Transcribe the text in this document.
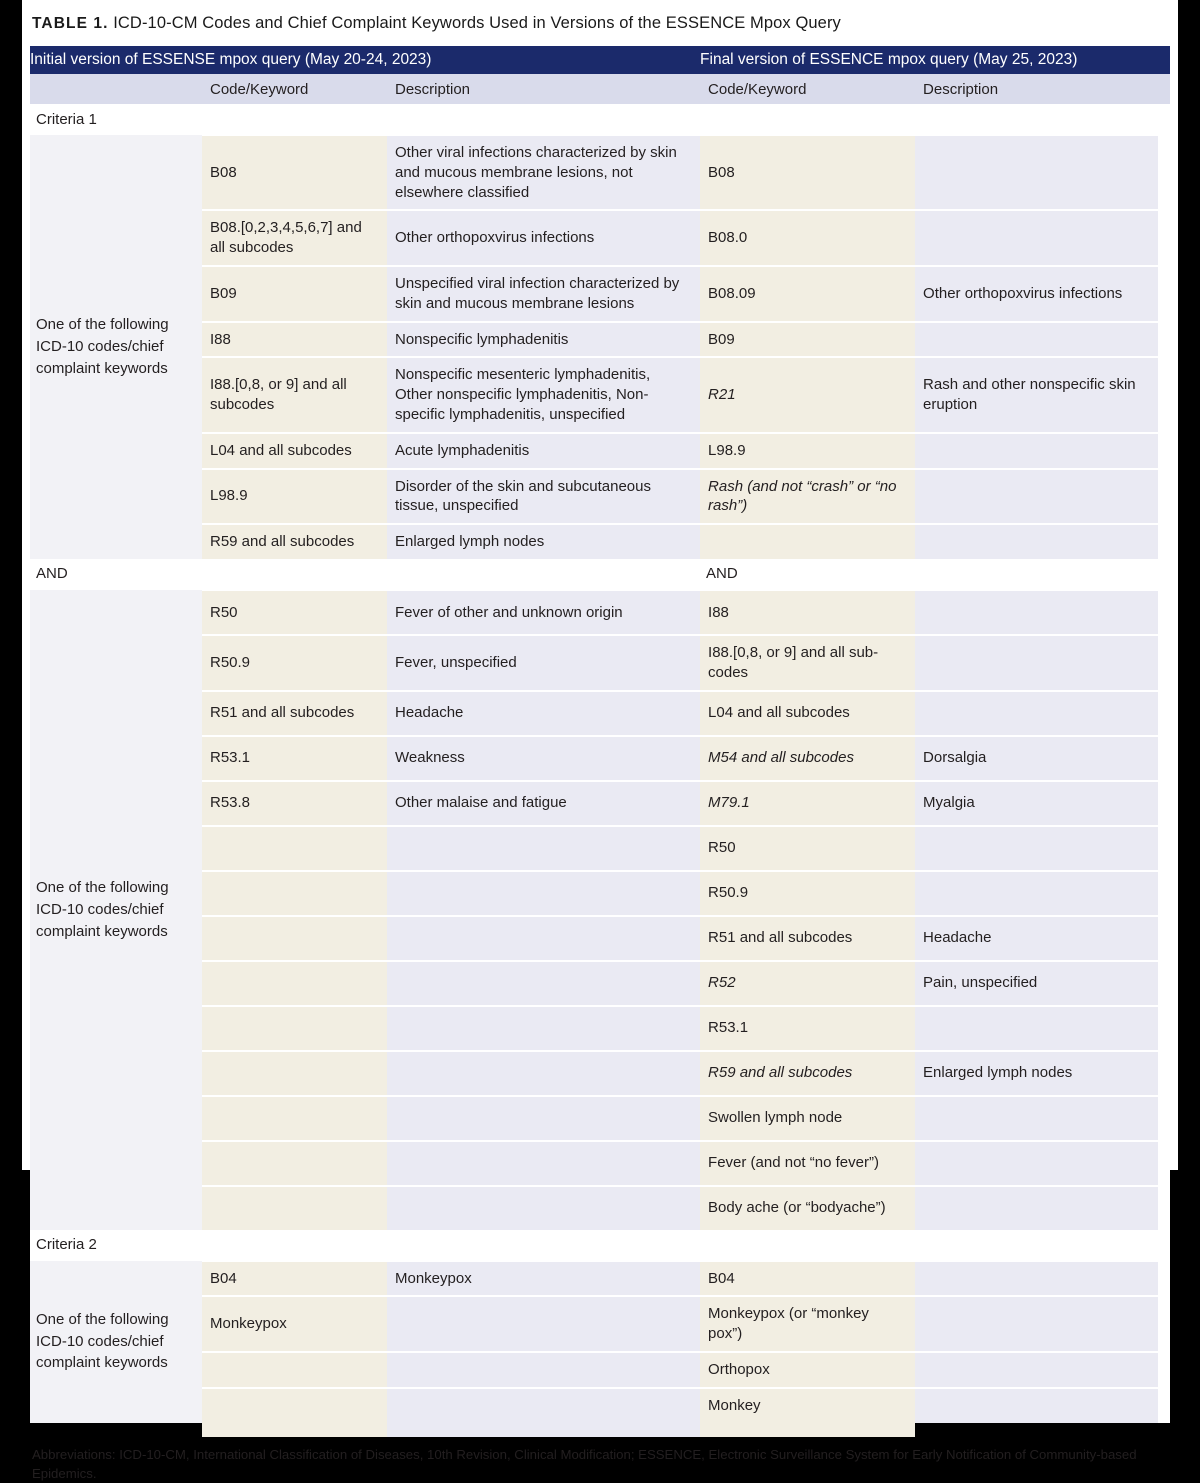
TABLE 1. ICD-10-CM Codes and Chief Complaint Keywords Used in Versions of the ESSENCE Mpox Query
Initial version of ESSENSE mpox query (May 20-24, 2023)			Final version of ESSENCE mpox query (May 25, 2023)		
	Code/Keyword	Description	Code/Keyword	Description	
Criteria 1					
One of the following ICD-10 codes/chief complaint keywords	B08	Other viral infections characterized by skin and mucous membrane lesions, not elsewhere classified	B08		
	B08.[0,2,3,4,5,6,7] and all subcodes	Other orthopoxvirus infections	B08.0		
	B09	Unspecified viral infection characterized by skin and mucous membrane lesions	B08.09	Other orthopoxvirus infections	
	I88	Nonspecific lymphadenitis	B09		
	I88.[0,8, or 9] and all subcodes	Nonspecific mesenteric lymphadenitis, Other nonspecific lymphadenitis, Non-specific lymphadenitis, unspecified	R21	Rash and other nonspecific skin eruption	
	L04 and all subcodes	Acute lymphadenitis	L98.9		
	L98.9	Disorder of the skin and subcutaneous tissue, unspecified	Rash (and not “crash” or “no rash”)		
	R59 and all subcodes	Enlarged lymph nodes			
AND			AND		
One of the following ICD-10 codes/chief complaint keywords	R50	Fever of other and unknown origin	I88		
	R50.9	Fever, unspecified	I88.[0,8, or 9] and all sub-codes		
	R51 and all subcodes	Headache	L04 and all subcodes		
	R53.1	Weakness	M54 and all subcodes	Dorsalgia	
	R53.8	Other malaise and fatigue	M79.1	Myalgia	
			R50		
			R50.9		
			R51 and all subcodes	Headache	
			R52	Pain, unspecified	
			R53.1		
			R59 and all subcodes	Enlarged lymph nodes	
			Swollen lymph node		
			Fever (and not “no fever”)		
			Body ache (or “bodyache”)		
Criteria 2					
One of the following ICD-10 codes/chief complaint keywords	B04	Monkeypox	B04		
	Monkeypox		Monkeypox (or “monkey pox”)		
			Orthopox		
			Monkey		

Abbreviations: ICD-10-CM, International Classification of Diseases, 10th Revision, Clinical Modification; ESSENCE, Electronic Surveillance System for Early Notification of Community-based Epidemics.
